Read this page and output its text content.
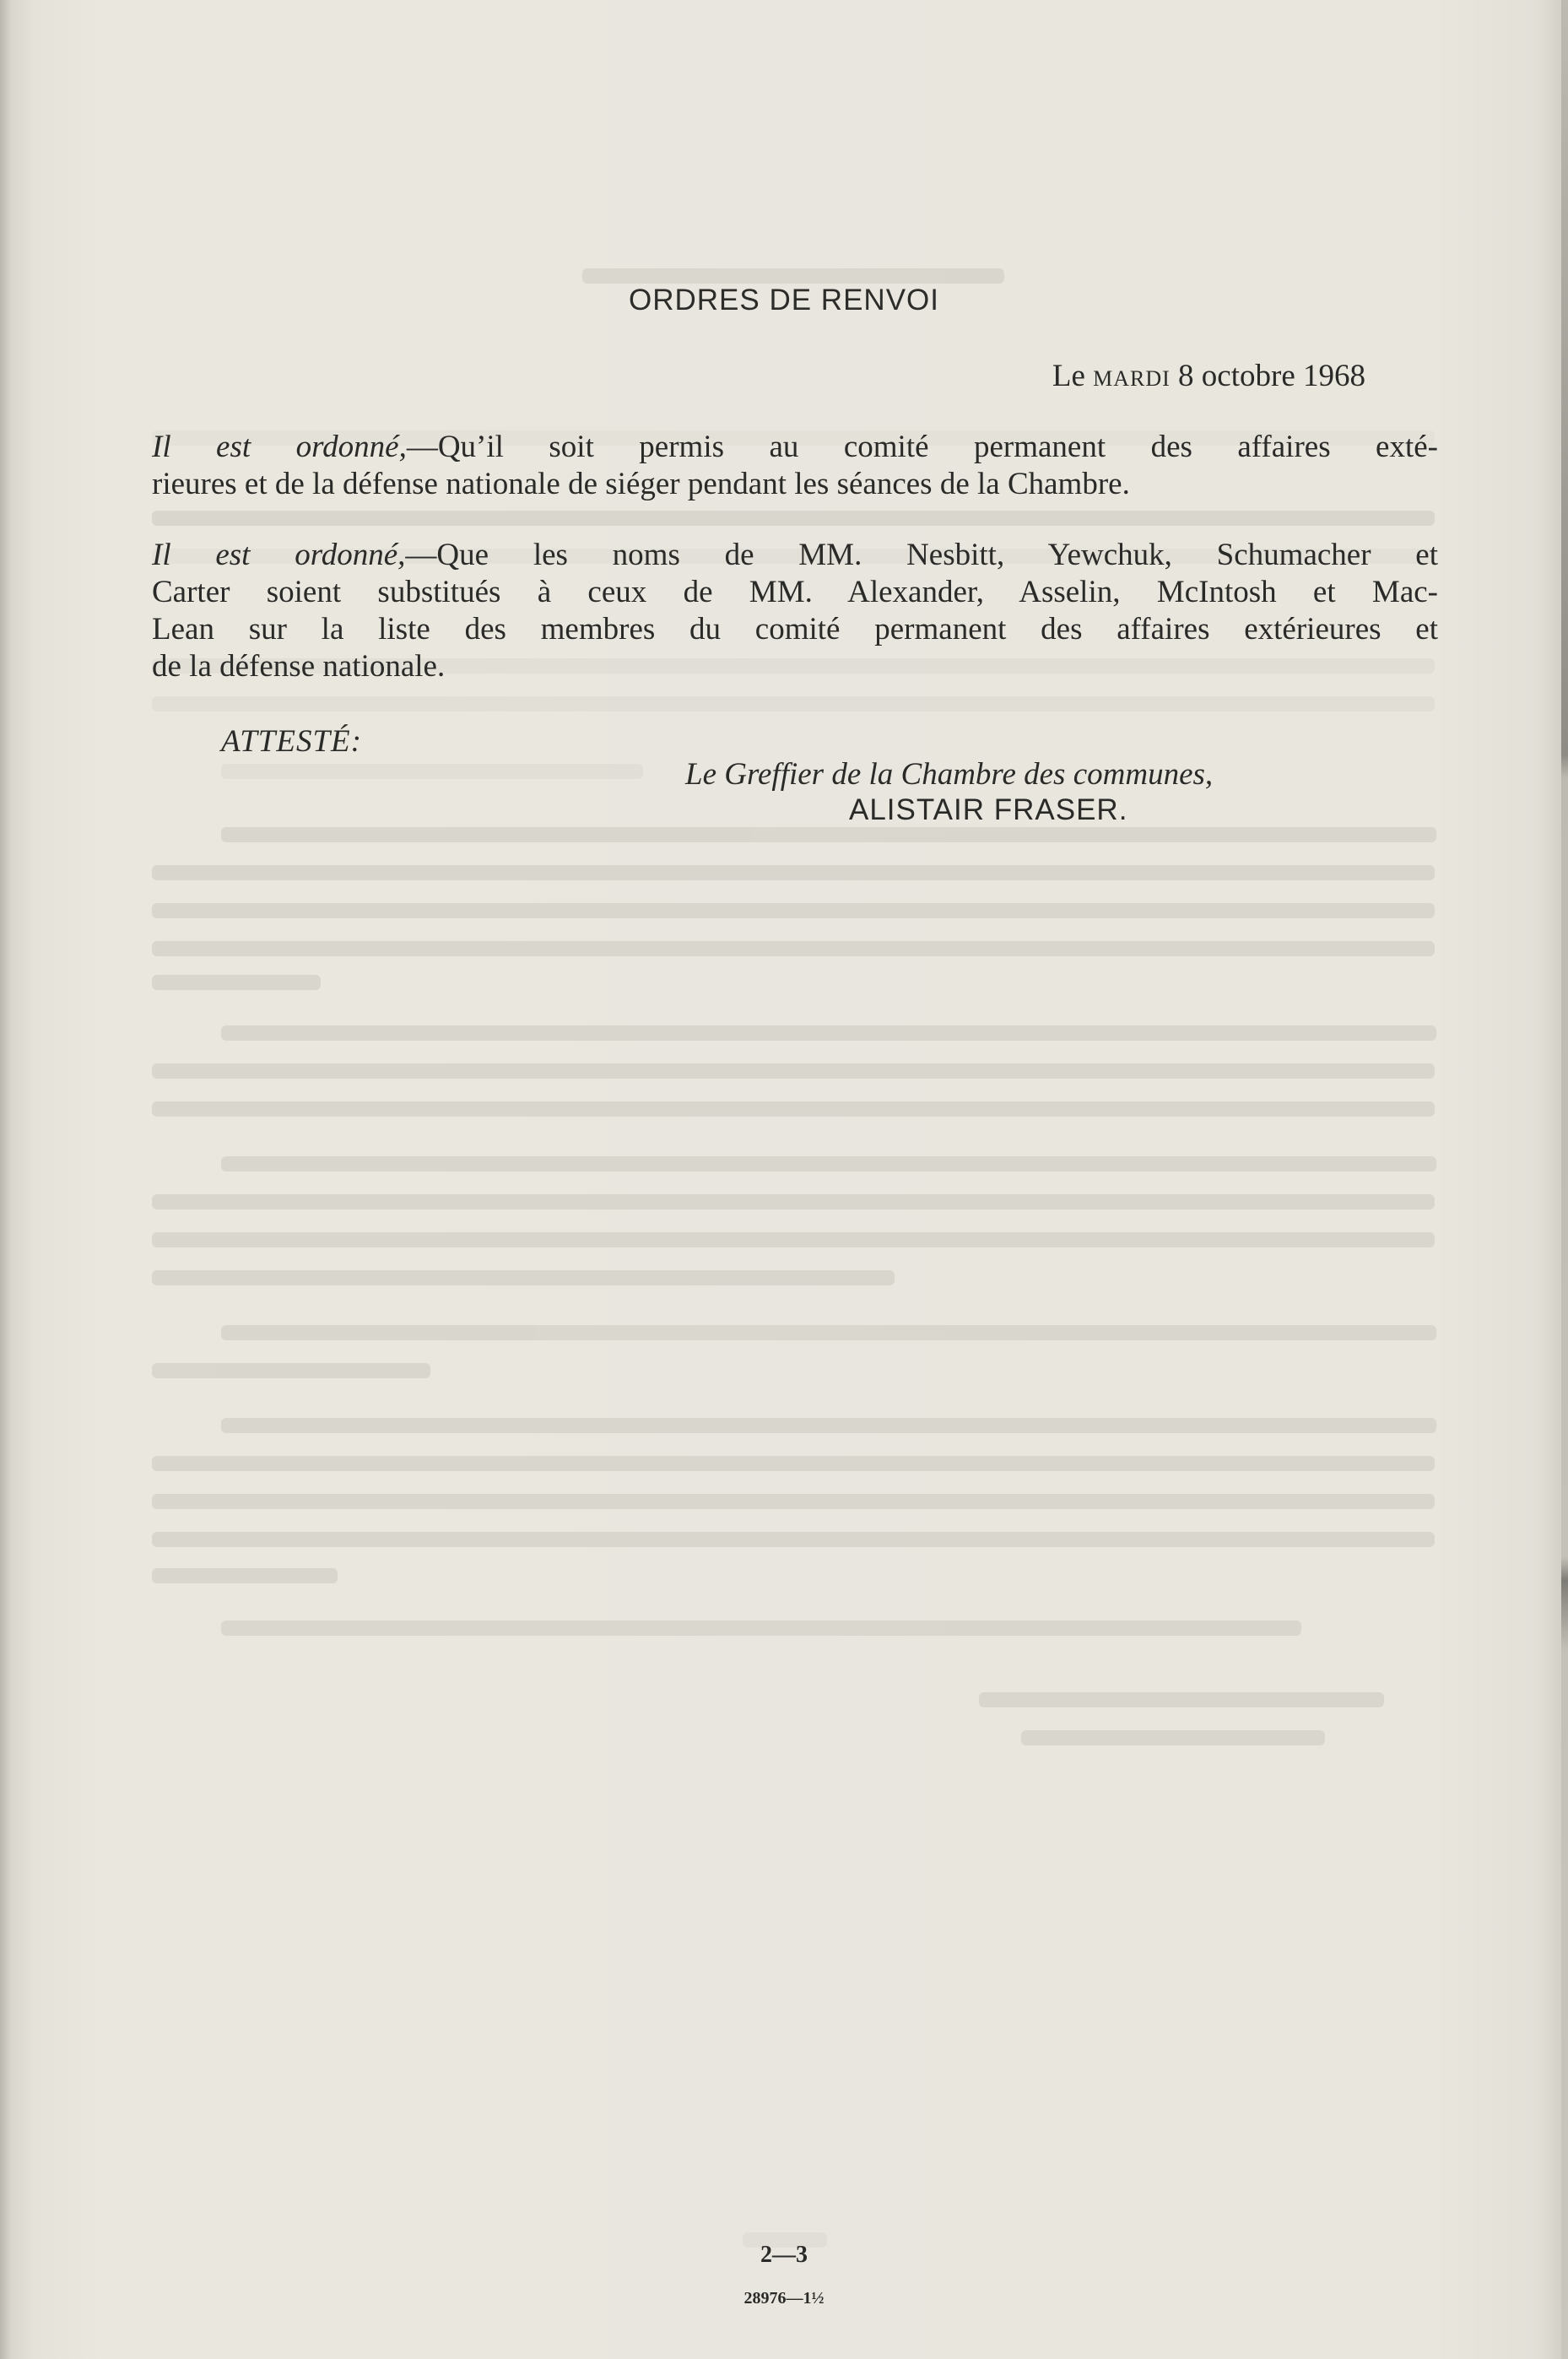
ORDRES DE RENVOI
Le mardi 8 octobre 1968
Il est ordonné,—Qu’il soit permis au comité permanent des affaires exté-
rieures et de la défense nationale de siéger pendant les séances de la Chambre.
Il est ordonné,—Que les noms de MM. Nesbitt, Yewchuk, Schumacher et
Carter soient substitués à ceux de MM. Alexander, Asselin, McIntosh et Mac-
Lean sur la liste des membres du comité permanent des affaires extérieures et
de la défense nationale.
ATTESTÉ:
Le Greffier de la Chambre des communes,
ALISTAIR FRASER.
2—3
28976—1½
